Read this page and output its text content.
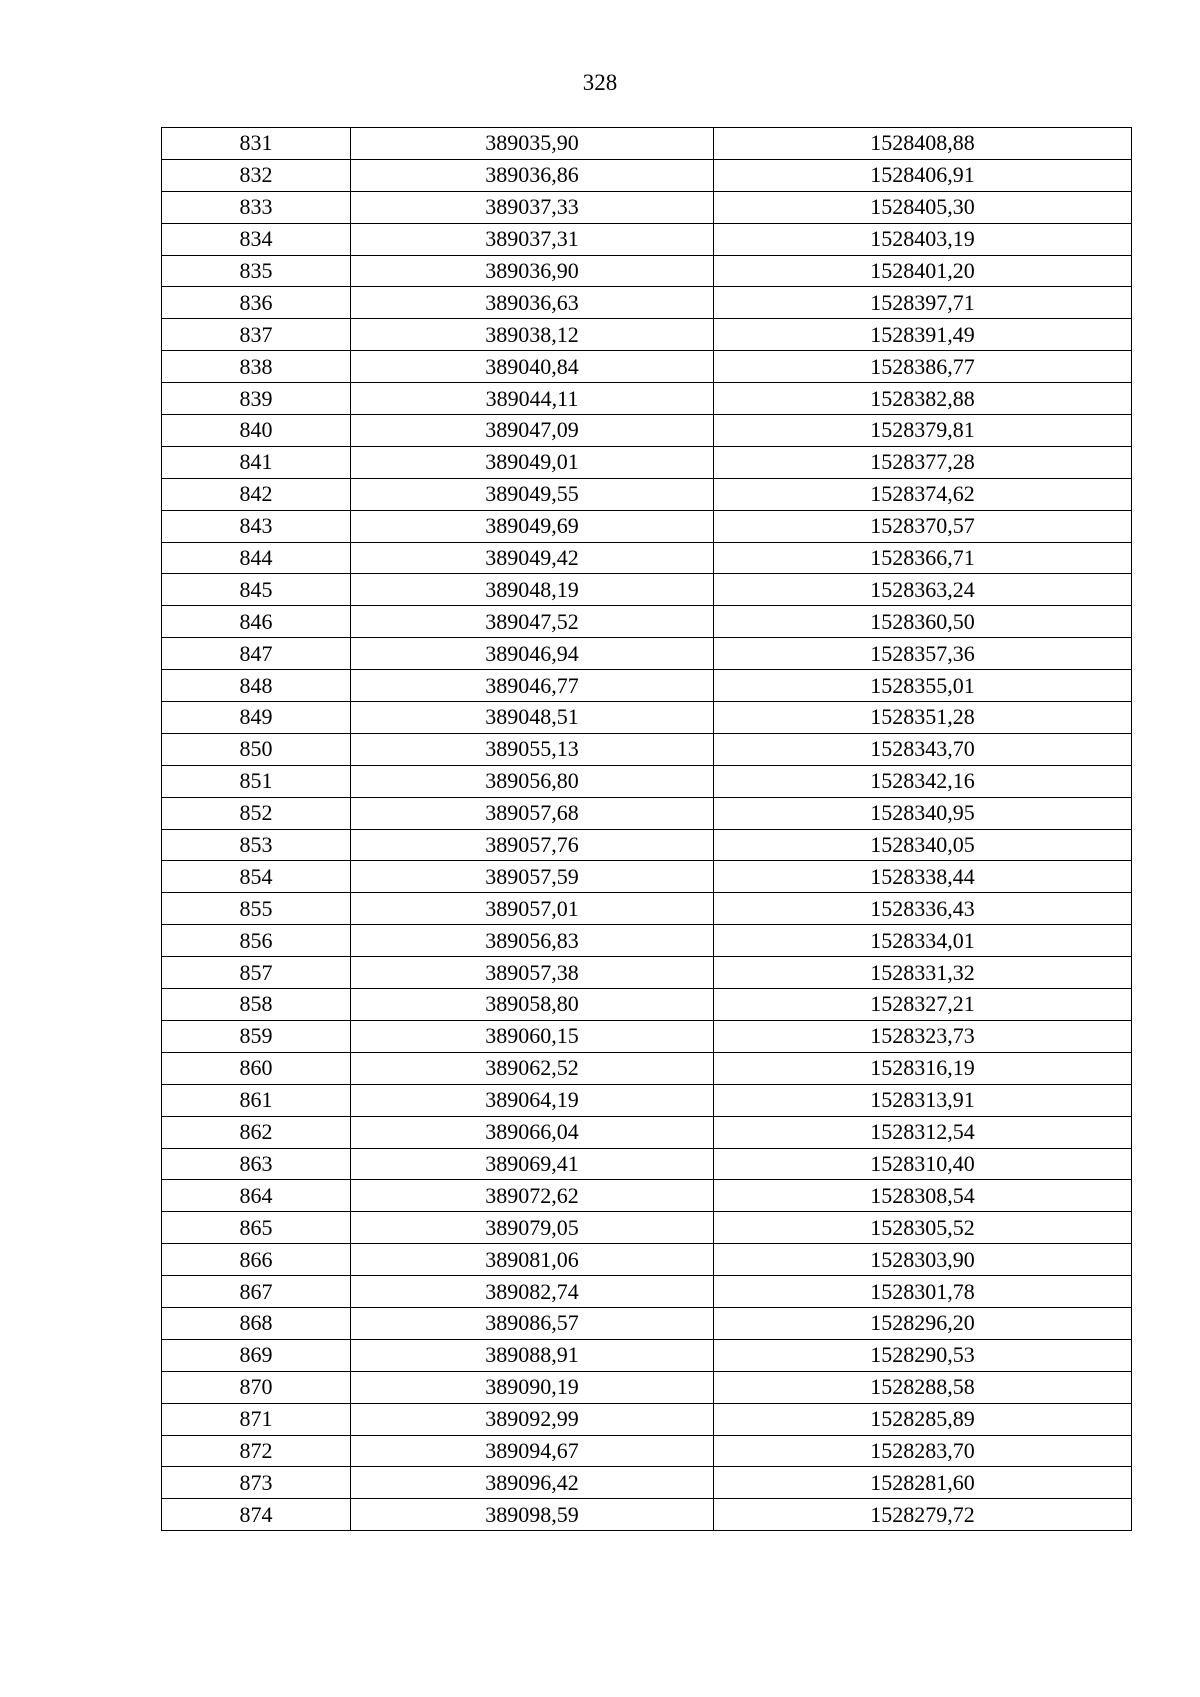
328
831	389035,90	1528408,88
832	389036,86	1528406,91
833	389037,33	1528405,30
834	389037,31	1528403,19
835	389036,90	1528401,20
836	389036,63	1528397,71
837	389038,12	1528391,49
838	389040,84	1528386,77
839	389044,11	1528382,88
840	389047,09	1528379,81
841	389049,01	1528377,28
842	389049,55	1528374,62
843	389049,69	1528370,57
844	389049,42	1528366,71
845	389048,19	1528363,24
846	389047,52	1528360,50
847	389046,94	1528357,36
848	389046,77	1528355,01
849	389048,51	1528351,28
850	389055,13	1528343,70
851	389056,80	1528342,16
852	389057,68	1528340,95
853	389057,76	1528340,05
854	389057,59	1528338,44
855	389057,01	1528336,43
856	389056,83	1528334,01
857	389057,38	1528331,32
858	389058,80	1528327,21
859	389060,15	1528323,73
860	389062,52	1528316,19
861	389064,19	1528313,91
862	389066,04	1528312,54
863	389069,41	1528310,40
864	389072,62	1528308,54
865	389079,05	1528305,52
866	389081,06	1528303,90
867	389082,74	1528301,78
868	389086,57	1528296,20
869	389088,91	1528290,53
870	389090,19	1528288,58
871	389092,99	1528285,89
872	389094,67	1528283,70
873	389096,42	1528281,60
874	389098,59	1528279,72
